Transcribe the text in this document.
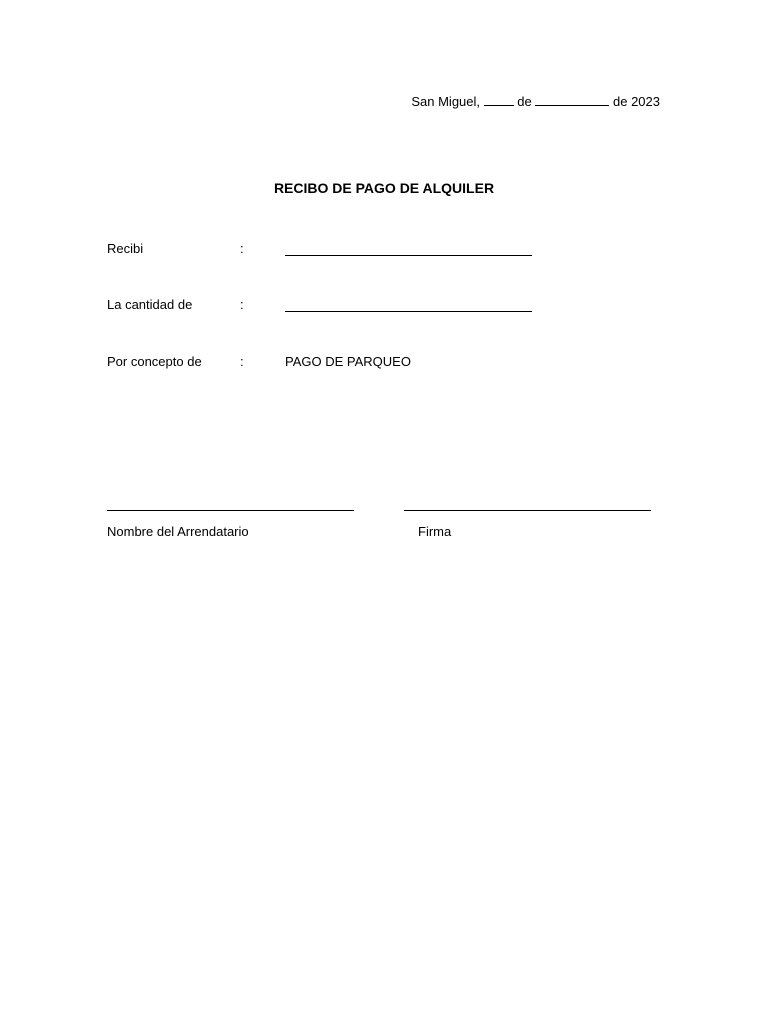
San Miguel,	de	de 2023
RECIBO DE PAGO DE ALQUILER
Recibi	:
La cantidad de	:
Por concepto de	:	PAGO DE PARQUEO
Nombre del Arrendatario	Firma
